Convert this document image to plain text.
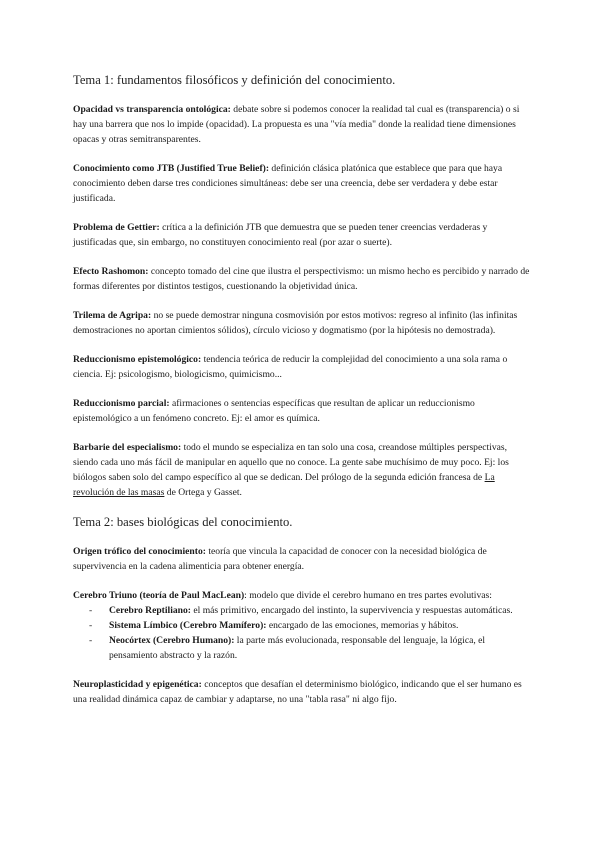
Tema 1: fundamentos filosóficos y definición del conocimiento.

Opacidad vs transparencia ontológica: debate sobre si podemos conocer la realidad tal cual es (transparencia) o si hay una barrera que nos lo impide (opacidad). La propuesta es una "vía media" donde la realidad tiene dimensiones opacas y otras semitransparentes.

Conocimiento como JTB (Justified True Belief): definición clásica platónica que establece que para que haya conocimiento deben darse tres condiciones simultáneas: debe ser una creencia, debe ser verdadera y debe estar justificada.

Problema de Gettier: crítica a la definición JTB que demuestra que se pueden tener creencias verdaderas y justificadas que, sin embargo, no constituyen conocimiento real (por azar o suerte).

Efecto Rashomon: concepto tomado del cine que ilustra el perspectivismo: un mismo hecho es percibido y narrado de formas diferentes por distintos testigos, cuestionando la objetividad única.

Trilema de Agripa: no se puede demostrar ninguna cosmovisión por estos motivos: regreso al infinito (las infinitas demostraciones no aportan cimientos sólidos), círculo vicioso y dogmatismo (por la hipótesis no demostrada).

Reduccionismo epistemológico: tendencia teórica de reducir la complejidad del conocimiento a una sola rama o ciencia. Ej: psicologismo, biologicismo, quimicismo...

Reduccionismo parcial: afirmaciones o sentencias específicas que resultan de aplicar un reduccionismo epistemológico a un fenómeno concreto. Ej: el amor es química.

Barbarie del especialismo: todo el mundo se especializa en tan solo una cosa, creandose múltiples perspectivas, siendo cada uno más fácil de manipular en aquello que no conoce. La gente sabe muchísimo de muy poco. Ej: los biólogos saben solo del campo específico al que se dedican. Del prólogo de la segunda edición francesa de La revolución de las masas de Ortega y Gasset.

Tema 2: bases biológicas del conocimiento.

Origen trófico del conocimiento: teoría que vincula la capacidad de conocer con la necesidad biológica de supervivencia en la cadena alimenticia para obtener energía.

Cerebro Triuno (teoría de Paul MacLean): modelo que divide el cerebro humano en tres partes evolutivas:

- Cerebro Reptiliano: el más primitivo, encargado del instinto, la supervivencia y respuestas automáticas.
- Sistema Límbico (Cerebro Mamífero): encargado de las emociones, memorias y hábitos.
- Neocórtex (Cerebro Humano): la parte más evolucionada, responsable del lenguaje, la lógica, el pensamiento abstracto y la razón.

Neuroplasticidad y epigenética: conceptos que desafían el determinismo biológico, indicando que el ser humano es una realidad dinámica capaz de cambiar y adaptarse, no una "tabla rasa" ni algo fijo.
